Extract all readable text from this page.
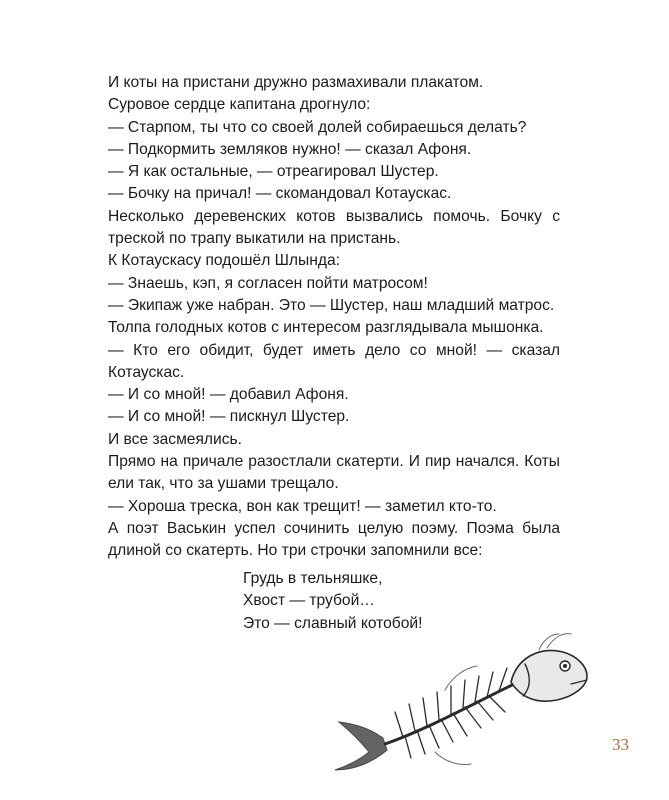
И коты на пристани дружно размахивали плакатом.

Суровое сердце капитана дрогнуло:

— Старпом, ты что со своей долей собираешься делать?

— Подкормить земляков нужно! — сказал Афоня.

— Я как остальные, — отреагировал Шустер.

— Бочку на причал! — скомандовал Котаускас.

Несколько деревенских котов вызвались помочь. Бочку с треской по трапу выкатили на пристань.

К Котаускасу подошёл Шлында:

— Знаешь, кэп, я согласен пойти матросом!

— Экипаж уже набран. Это — Шустер, наш младший матрос.

Толпа голодных котов с интересом разглядывала мышонка.

— Кто его обидит, будет иметь дело со мной! — сказал Котаускас.

— И со мной! — добавил Афоня.

— И со мной! — пискнул Шустер.

И все засмеялись.

Прямо на причале разостлали скатерти. И пир начался. Коты ели так, что за ушами трещало.

— Хороша треска, вон как трещит! — заметил кто-то.

А поэт Васькин успел сочинить целую поэму. Поэма была длиной со скатерть. Но три строчки запомнили все:

Грудь в тельняшке,
Хвост — трубой…
Это — славный котобой!
33
